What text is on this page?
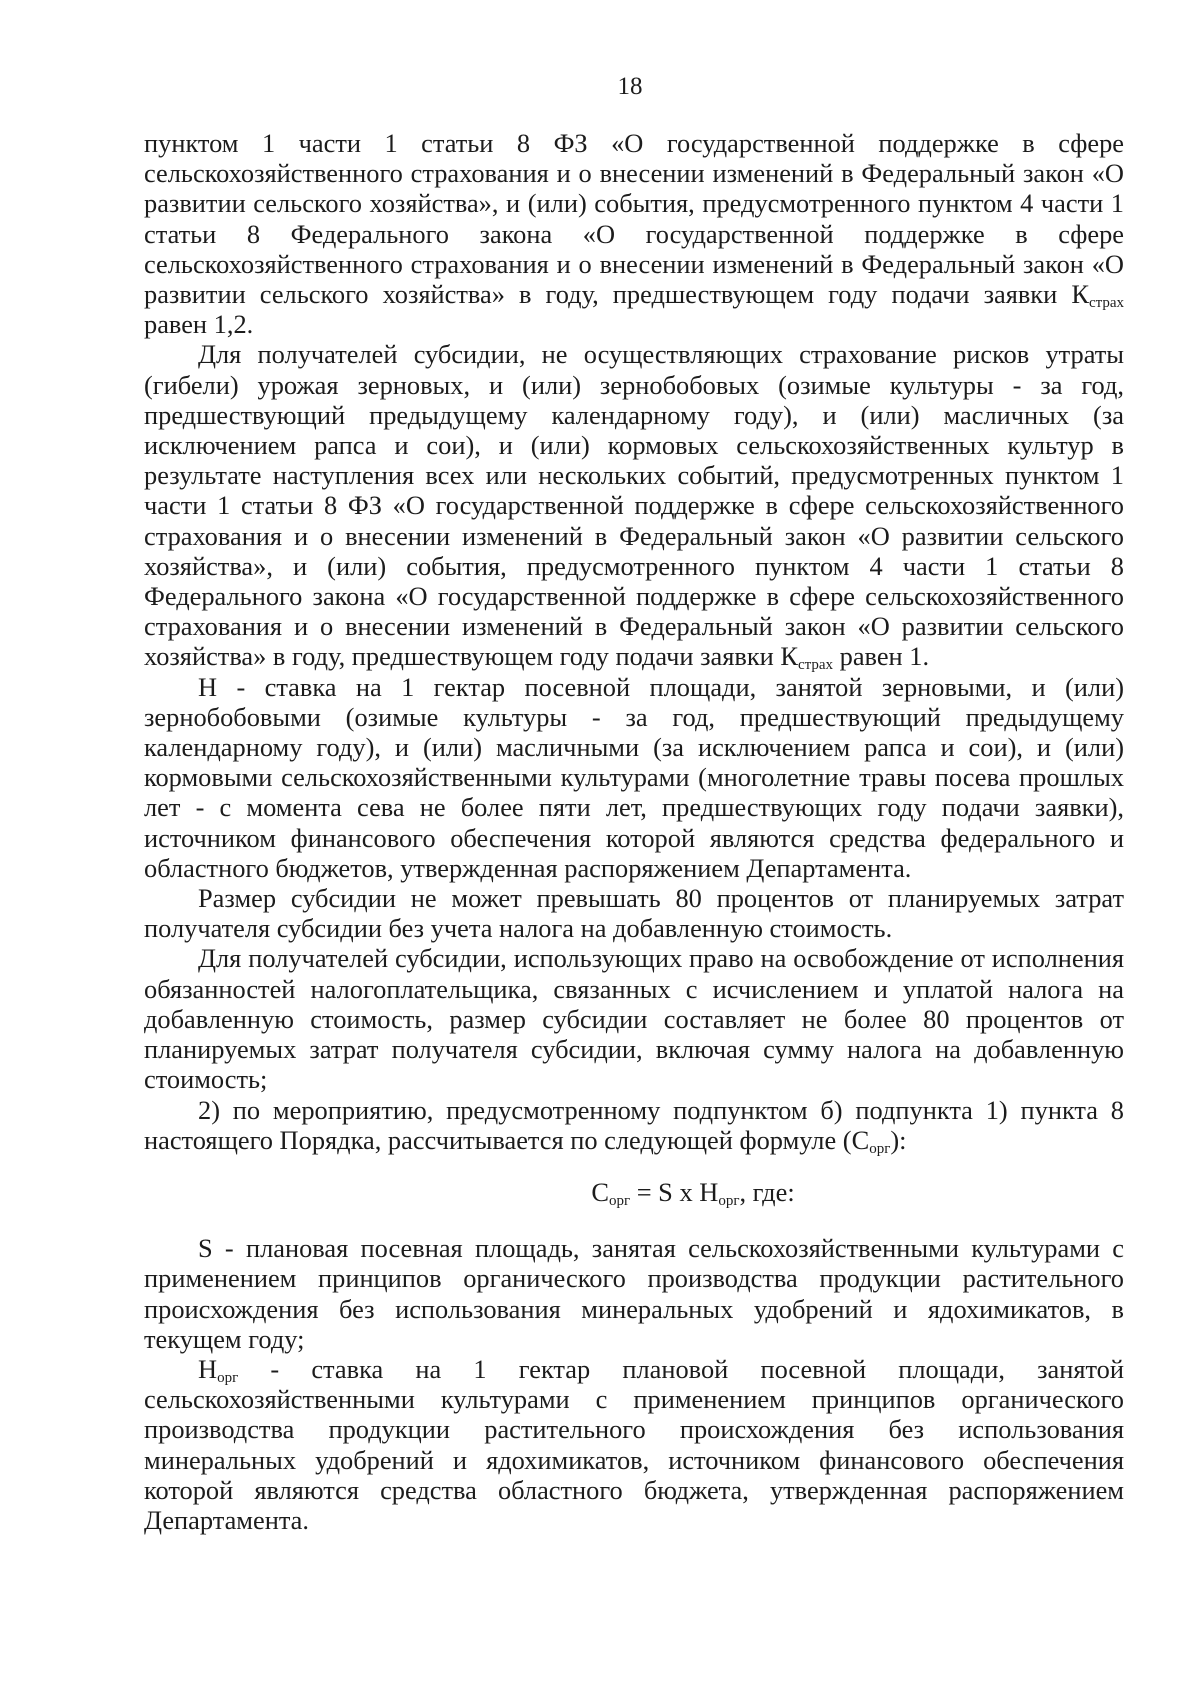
18

пунктом 1 части 1 статьи 8 ФЗ «О государственной поддержке в сфере сельскохозяйственного страхования и о внесении изменений в Федеральный закон «О развитии сельского хозяйства», и (или) события, предусмотренного пунктом 4 части 1 статьи 8 Федерального закона «О государственной поддержке в сфере сельскохозяйственного страхования и о внесении изменений в Федеральный закон «О развитии сельского хозяйства» в году, предшествующем году подачи заявки $К_{страх}$ равен 1,2.

Для получателей субсидии, не осуществляющих страхование рисков утраты (гибели) урожая зерновых, и (или) зернобобовых (озимые культуры - за год, предшествующий предыдущему календарному году), и (или) масличных (за исключением рапса и сои), и (или) кормовых сельскохозяйственных культур в результате наступления всех или нескольких событий, предусмотренных пунктом 1 части 1 статьи 8 ФЗ «О государственной поддержке в сфере сельскохозяйственного страхования и о внесении изменений в Федеральный закон «О развитии сельского хозяйства», и (или) события, предусмотренного пунктом 4 части 1 статьи 8 Федерального закона «О государственной поддержке в сфере сельскохозяйственного страхования и о внесении изменений в Федеральный закон «О развитии сельского хозяйства» в году, предшествующем году подачи заявки $К_{страх}$ равен 1.

Н - ставка на 1 гектар посевной площади, занятой зерновыми, и (или) зернобобовыми (озимые культуры - за год, предшествующий предыдущему календарному году), и (или) масличными (за исключением рапса и сои), и (или) кормовыми сельскохозяйственными культурами (многолетние травы посева прошлых лет - с момента сева не более пяти лет, предшествующих году подачи заявки), источником финансового обеспечения которой являются средства федерального и областного бюджетов, утвержденная распоряжением Департамента.

Размер субсидии не может превышать 80 процентов от планируемых затрат получателя субсидии без учета налога на добавленную стоимость.

Для получателей субсидии, использующих право на освобождение от исполнения обязанностей налогоплательщика, связанных с исчислением и уплатой налога на добавленную стоимость, размер субсидии составляет не более 80 процентов от планируемых затрат получателя субсидии, включая сумму налога на добавленную стоимость;

2) по мероприятию, предусмотренному подпунктом б) подпункта 1) пункта 8 настоящего Порядка, рассчитывается по следующей формуле $(С_{орг})$:

$С_{орг} = S$ x $Н_{орг}$, где:

S - плановая посевная площадь, занятая сельскохозяйственными культурами с применением принципов органического производства продукции растительного происхождения без использования минеральных удобрений и ядохимикатов, в текущем году;

$Н_{орг}$ - ставка на 1 гектар плановой посевной площади, занятой сельскохозяйственными культурами с применением принципов органического производства продукции растительного происхождения без использования минеральных удобрений и ядохимикатов, источником финансового обеспечения которой являются средства областного бюджета, утвержденная распоряжением Департамента.
